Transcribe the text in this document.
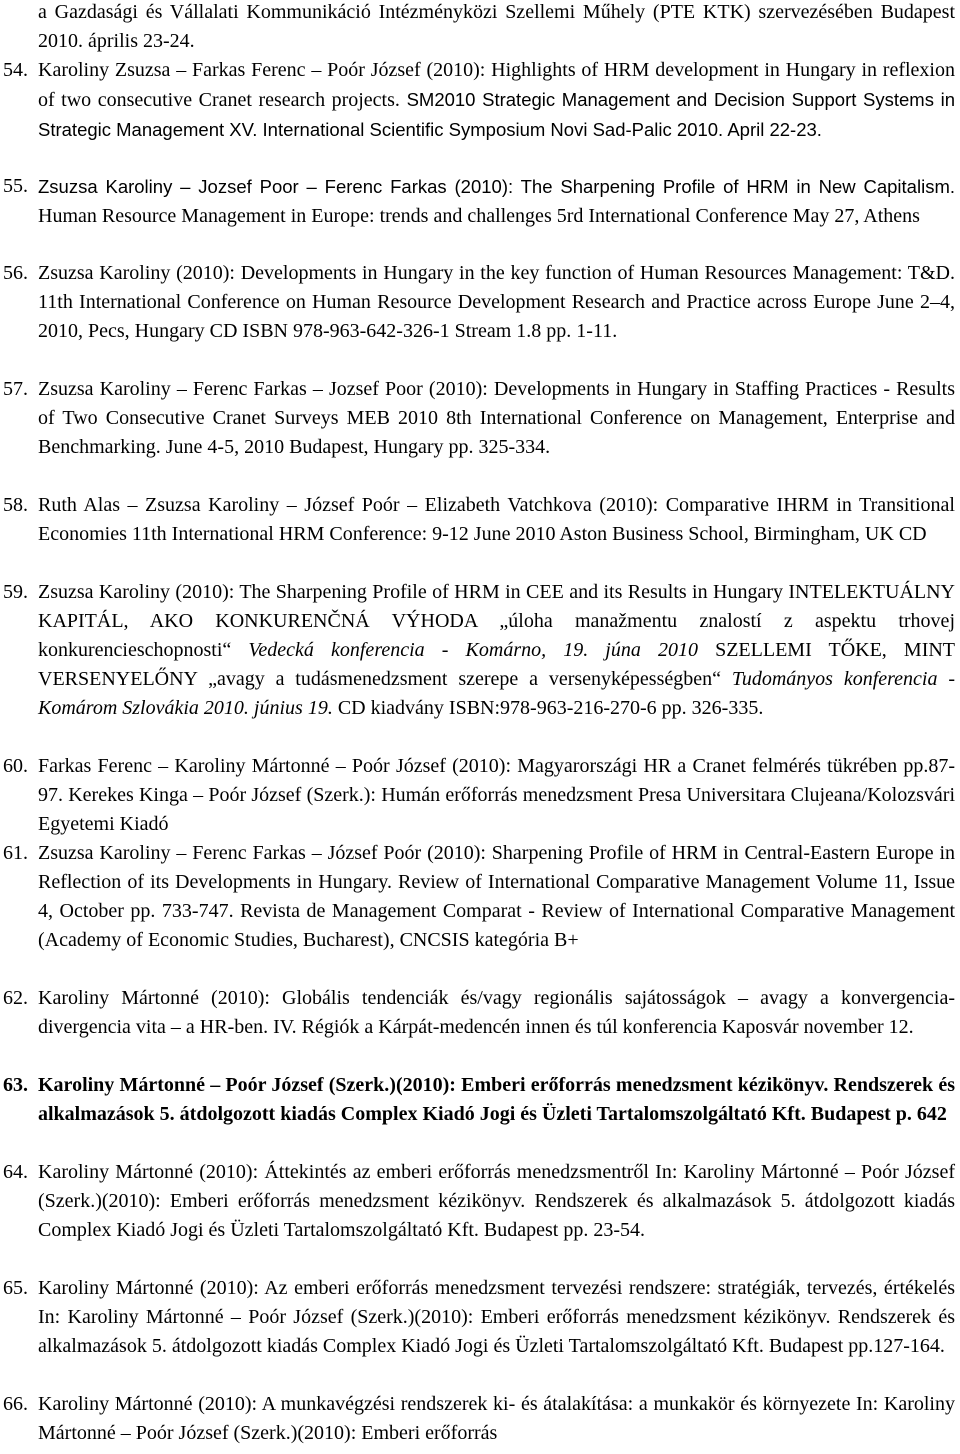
a Gazdasági és Vállalati Kommunikáció Intézményközi Szellemi Műhely (PTE KTK) szervezésében Budapest 2010. április 23-24.
54. Karoliny Zsuzsa – Farkas Ferenc – Poór József (2010): Highlights of HRM development in Hungary in reflexion of two consecutive Cranet research projects. SM2010 Strategic Management and Decision Support Systems in Strategic Management XV. International Scientific Symposium Novi Sad-Palic 2010. April 22-23.
55. Zsuzsa Karoliny – Jozsef Poor – Ferenc Farkas (2010): The Sharpening Profile of HRM in New Capitalism. Human Resource Management in Europe: trends and challenges 5rd International Conference May 27, Athens
56. Zsuzsa Karoliny (2010): Developments in Hungary in the key function of Human Resources Management: T&D. 11th International Conference on Human Resource Development Research and Practice across Europe June 2–4, 2010, Pecs, Hungary CD ISBN 978-963-642-326-1 Stream 1.8 pp. 1-11.
57. Zsuzsa Karoliny – Ferenc Farkas – Jozsef Poor (2010): Developments in Hungary in Staffing Practices - Results of Two Consecutive Cranet Surveys MEB 2010 8th International Conference on Management, Enterprise and Benchmarking. June 4-5, 2010 Budapest, Hungary pp. 325-334.
58. Ruth Alas – Zsuzsa Karoliny – József Poór – Elizabeth Vatchkova (2010): Comparative IHRM in Transitional Economies 11th International HRM Conference: 9-12 June 2010 Aston Business School, Birmingham, UK CD
59. Zsuzsa Karoliny (2010): The Sharpening Profile of HRM in CEE and its Results in Hungary INTELEKTUÁLNY KAPITÁL, AKO KONKURENČNÁ VÝHODA „úloha manažmentu znalostí z aspektu trhovej konkurencieschopnosti“ Vedecká konferencia - Komárno, 19. júna 2010 SZELLEMI TŐKE, MINT VERSENYELŐNY „avagy a tudásmenedzsment szerepe a versenyképességben“ Tudományos konferencia - Komárom Szlovákia 2010. június 19. CD kiadvány ISBN:978-963-216-270-6 pp. 326-335.
60. Farkas Ferenc – Karoliny Mártonné – Poór József (2010): Magyarországi HR a Cranet felmérés tükrében pp.87-97. Kerekes Kinga – Poór József (Szerk.): Humán erőforrás menedzsment Presa Universitara Clujeana/Kolozsvári Egyetemi Kiadó
61. Zsuzsa Karoliny – Ferenc Farkas – József Poór (2010): Sharpening Profile of HRM in Central-Eastern Europe in Reflection of its Developments in Hungary. Review of International Comparative Management Volume 11, Issue 4, October pp. 733-747. Revista de Management Comparat - Review of International Comparative Management (Academy of Economic Studies, Bucharest), CNCSIS kategória B+
62. Karoliny Mártonné (2010): Globális tendenciák és/vagy regionális sajátosságok – avagy a konvergencia-divergencia vita – a HR-ben. IV. Régiók a Kárpát-medencén innen és túl konferencia Kaposvár november 12.
63. Karoliny Mártonné – Poór József (Szerk.)(2010): Emberi erőforrás menedzsment kézikönyv. Rendszerek és alkalmazások 5. átdolgozott kiadás Complex Kiadó Jogi és Üzleti Tartalomszolgáltató Kft. Budapest p. 642
64. Karoliny Mártonné (2010): Áttekintés az emberi erőforrás menedzsmentről In: Karoliny Mártonné – Poór József (Szerk.)(2010): Emberi erőforrás menedzsment kézikönyv. Rendszerek és alkalmazások 5. átdolgozott kiadás Complex Kiadó Jogi és Üzleti Tartalomszolgáltató Kft. Budapest pp. 23-54.
65. Karoliny Mártonné (2010): Az emberi erőforrás menedzsment tervezési rendszere: stratégiák, tervezés, értékelés In: Karoliny Mártonné – Poór József (Szerk.)(2010): Emberi erőforrás menedzsment kézikönyv. Rendszerek és alkalmazások 5. átdolgozott kiadás Complex Kiadó Jogi és Üzleti Tartalomszolgáltató Kft. Budapest pp.127-164.
66. Karoliny Mártonné (2010): A munkavégzési rendszerek ki- és átalakítása: a munkakör és környezete In: Karoliny Mártonné – Poór József (Szerk.)(2010): Emberi erőforrás
